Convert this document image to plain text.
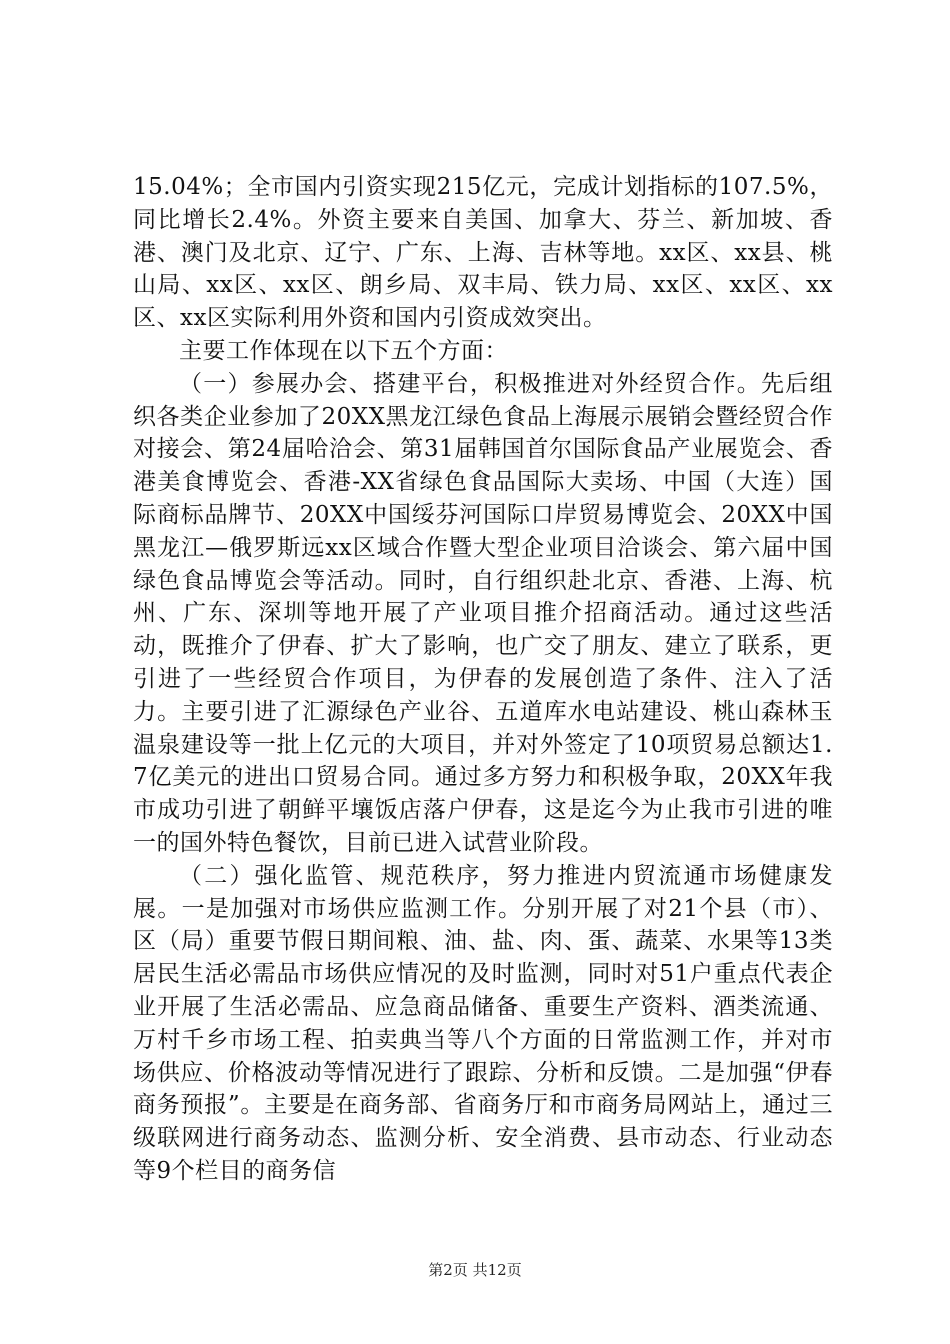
15.04%；全市国内引资实现215亿元，完成计划指标的107.5%，同比增长2.4%。外资主要来自美国、加拿大、芬兰、新加坡、香港、澳门及北京、辽宁、广东、上海、吉林等地。xx区、xx县、桃山局、xx区、xx区、朗乡局、双丰局、铁力局、xx区、xx区、xx区、xx区实际利用外资和国内引资成效突出。

主要工作体现在以下五个方面：

（一）参展办会、搭建平台，积极推进对外经贸合作。先后组织各类企业参加了20XX黑龙江绿色食品上海展示展销会暨经贸合作对接会、第24届哈洽会、第31届韩国首尔国际食品产业展览会、香港美食博览会、香港-XX省绿色食品国际大卖场、中国（大连）国际商标品牌节、20XX中国绥芬河国际口岸贸易博览会、20XX中国黑龙江—俄罗斯远xx区域合作暨大型企业项目洽谈会、第六届中国绿色食品博览会等活动。同时，自行组织赴北京、香港、上海、杭州、广东、深圳等地开展了产业项目推介招商活动。通过这些活动，既推介了伊春、扩大了影响，也广交了朋友、建立了联系，更引进了一些经贸合作项目，为伊春的发展创造了条件、注入了活力。主要引进了汇源绿色产业谷、五道库水电站建设、桃山森林玉温泉建设等一批上亿元的大项目，并对外签定了10项贸易总额达1.7亿美元的进出口贸易合同。通过多方努力和积极争取，20XX年我市成功引进了朝鲜平壤饭店落户伊春，这是迄今为止我市引进的唯一的国外特色餐饮，目前已进入试营业阶段。

（二）强化监管、规范秩序，努力推进内贸流通市场健康发展。一是加强对市场供应监测工作。分别开展了对21个县（市）、区（局）重要节假日期间粮、油、盐、肉、蛋、蔬菜、水果等13类居民生活必需品市场供应情况的及时监测，同时对51户重点代表企业开展了生活必需品、应急商品储备、重要生产资料、酒类流通、万村千乡市场工程、拍卖典当等八个方面的日常监测工作，并对市场供应、价格波动等情况进行了跟踪、分析和反馈。二是加强“伊春商务预报”。主要是在商务部、省商务厅和市商务局网站上，通过三级联网进行商务动态、监测分析、安全消费、县市动态、行业动态等9个栏目的商务信

第2页 共12页
